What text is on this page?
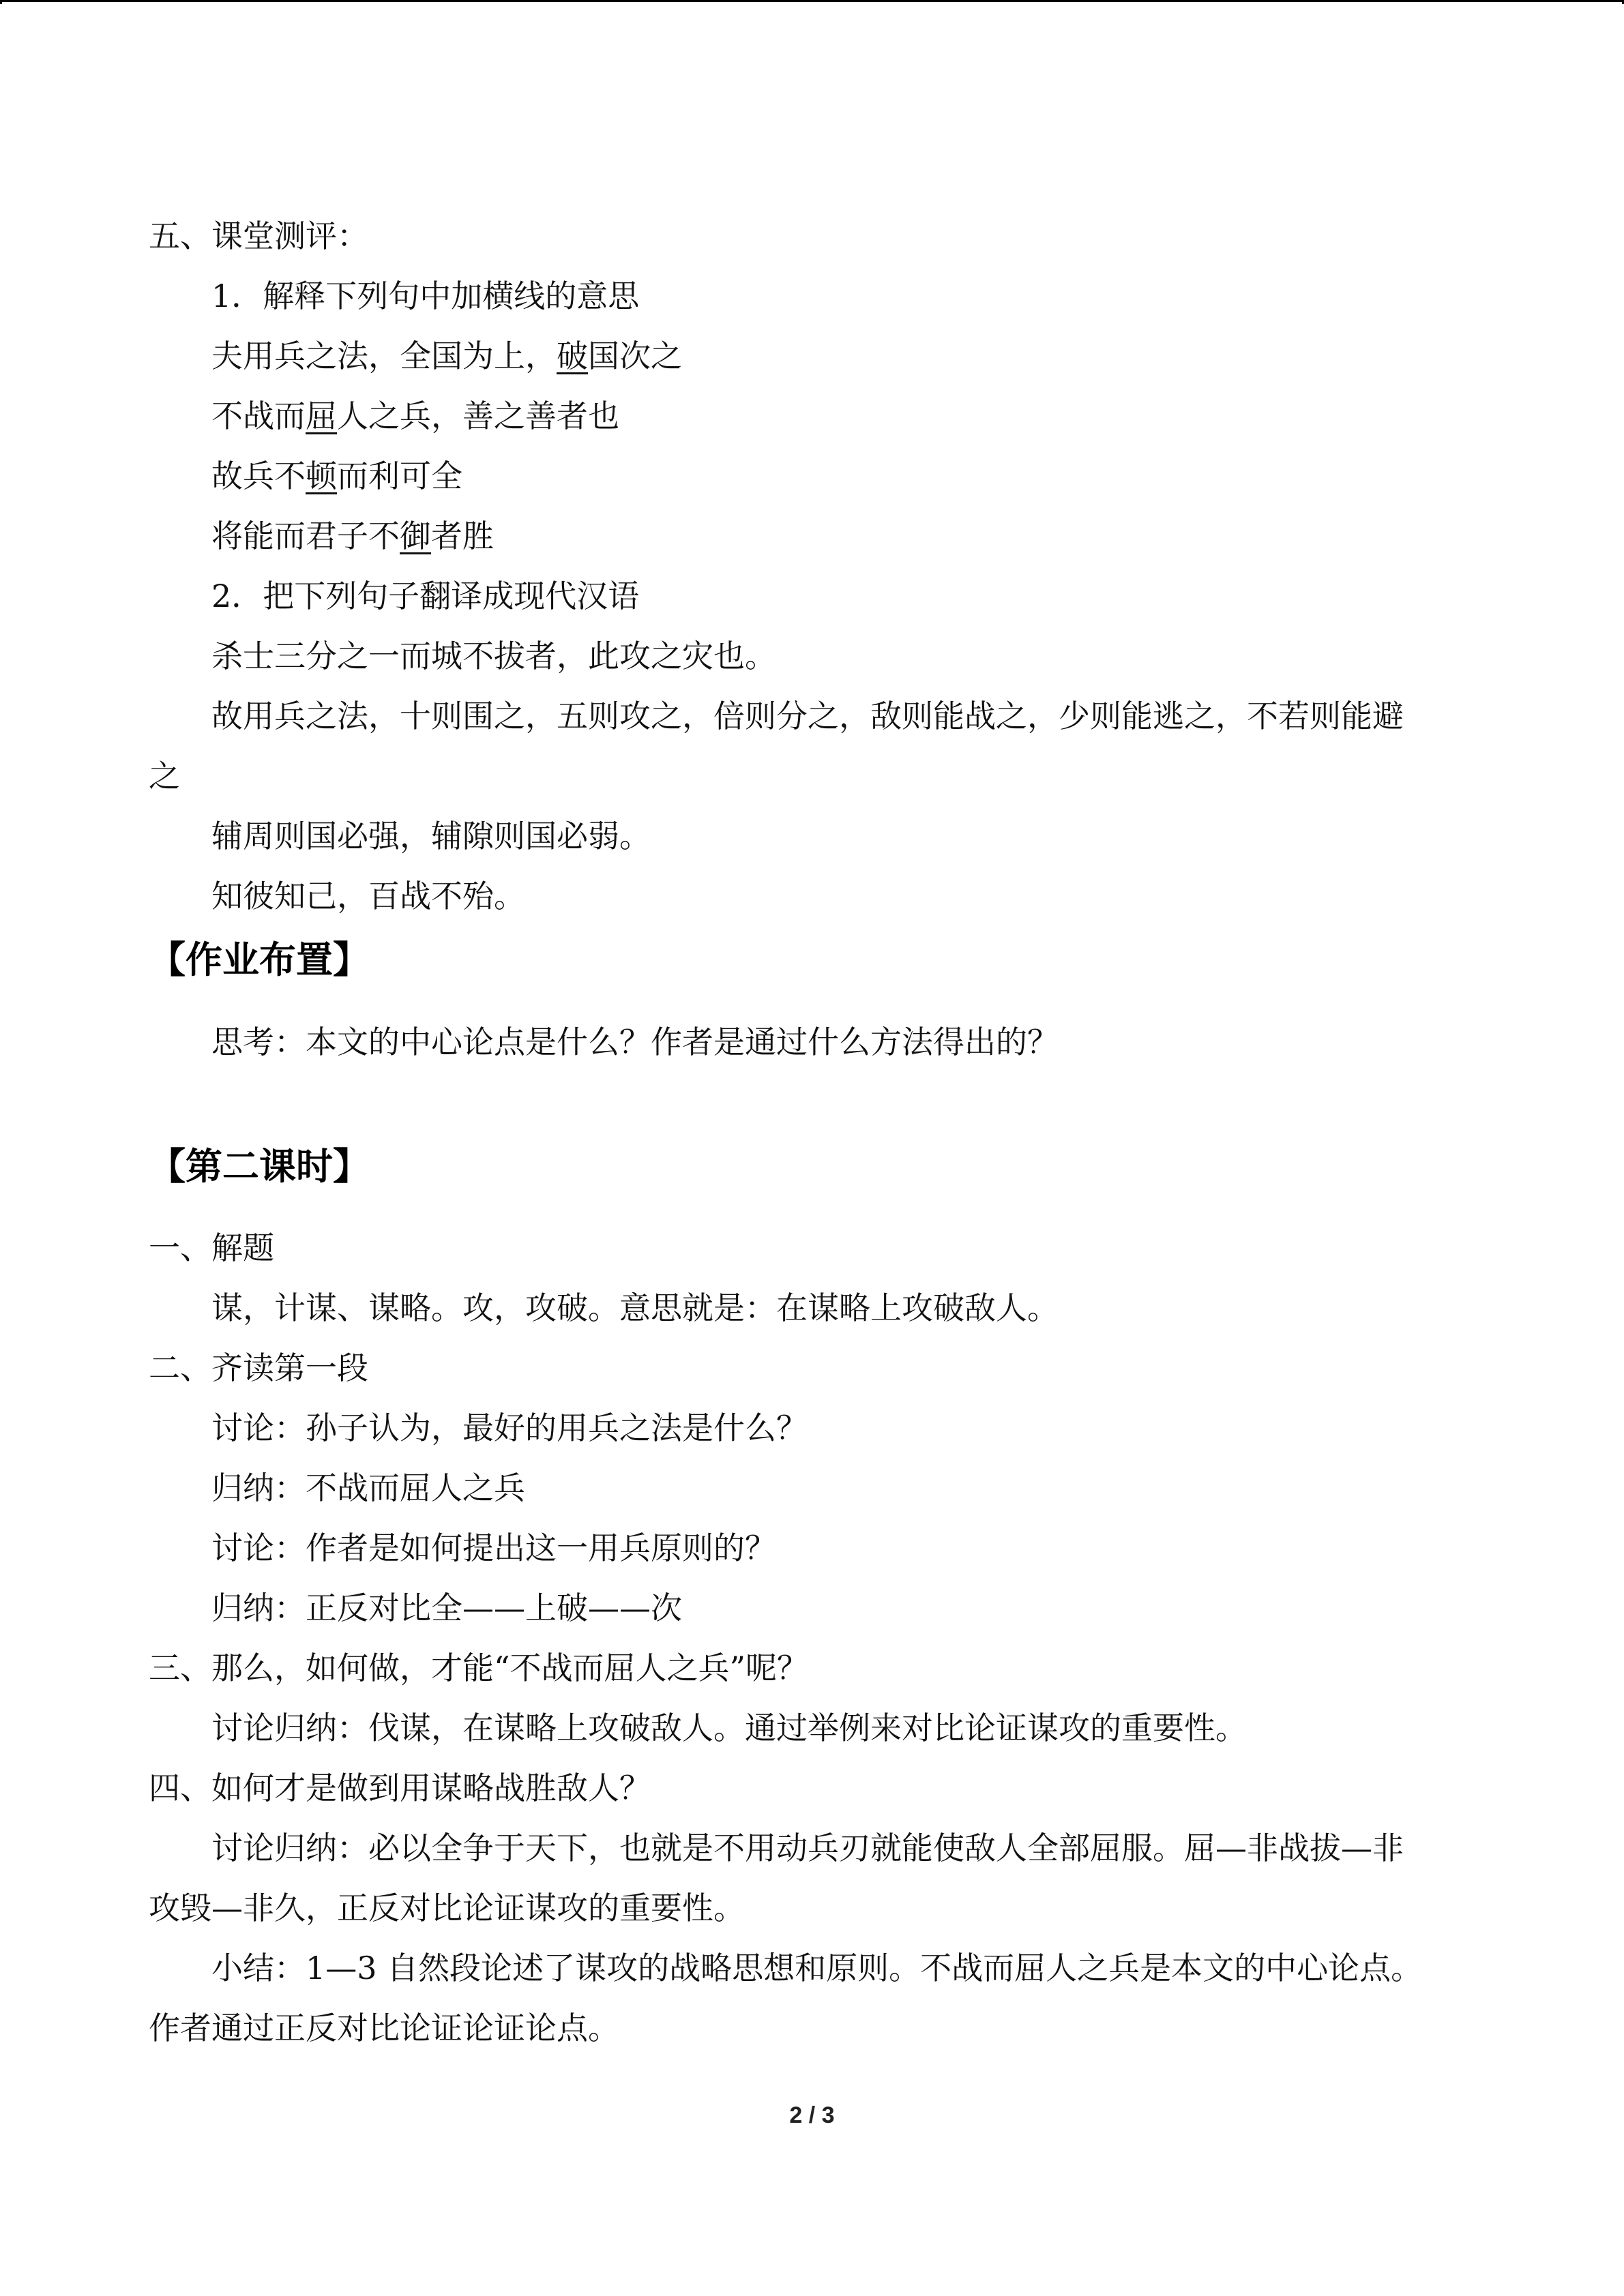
五、课堂测评：
1．解释下列句中加横线的意思
夫用兵之法，全国为上，破国次之
不战而屈人之兵，善之善者也
故兵不顿而利可全
将能而君子不御者胜
2．把下列句子翻译成现代汉语
杀士三分之一而城不拔者，此攻之灾也。
故用兵之法，十则围之，五则攻之，倍则分之，敌则能战之，少则能逃之，不若则能避
之
辅周则国必强，辅隙则国必弱。
知彼知己，百战不殆。
【作业布置】
思考：本文的中心论点是什么？作者是通过什么方法得出的？
【第二课时】
一、解题
谋，计谋、谋略。攻，攻破。意思就是：在谋略上攻破敌人。
二、齐读第一段
讨论：孙子认为，最好的用兵之法是什么？
归纳：不战而屈人之兵
讨论：作者是如何提出这一用兵原则的？
归纳：正反对比全——上破——次
三、那么，如何做，才能“不战而屈人之兵”呢？
讨论归纳：伐谋，在谋略上攻破敌人。通过举例来对比论证谋攻的重要性。
四、如何才是做到用谋略战胜敌人？
讨论归纳：必以全争于天下，也就是不用动兵刃就能使敌人全部屈服。屈—非战拔—非
攻毁—非久，正反对比论证谋攻的重要性。
小结：1—3 自然段论述了谋攻的战略思想和原则。不战而屈人之兵是本文的中心论点。
作者通过正反对比论证论证论点。
2 / 3
